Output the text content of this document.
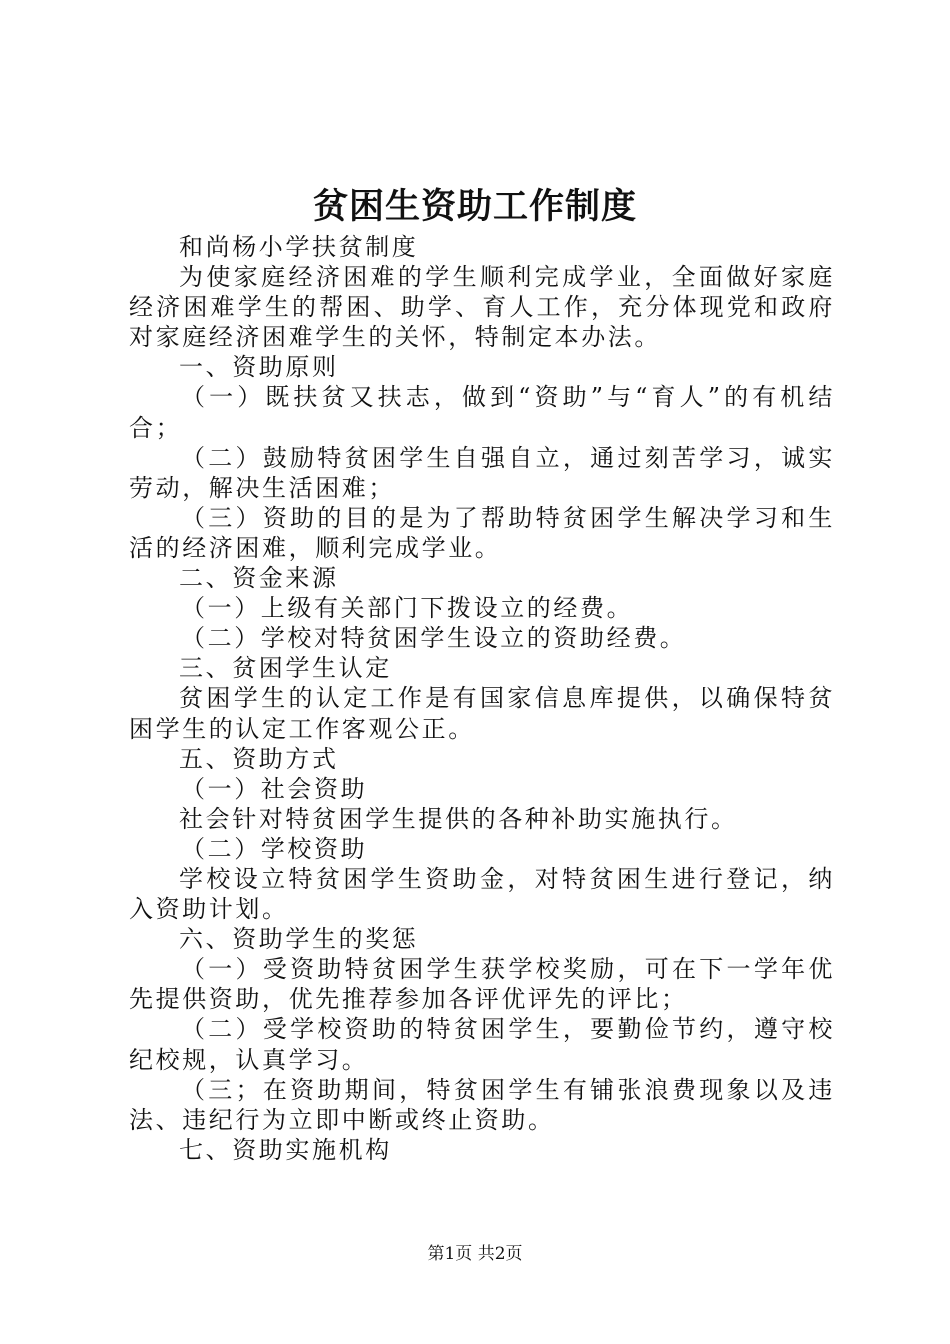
贫困生资助工作制度

和尚杨小学扶贫制度

为使家庭经济困难的学生顺利完成学业，全面做好家庭经济困难学生的帮困、助学、育人工作，充分体现党和政府对家庭经济困难学生的关怀，特制定本办法。

一、资助原则

（一）既扶贫又扶志，做到“资助”与“育人”的有机结合；

（二）鼓励特贫困学生自强自立，通过刻苦学习，诚实劳动，解决生活困难；

（三）资助的目的是为了帮助特贫困学生解决学习和生活的经济困难，顺利完成学业。

二、资金来源

（一）上级有关部门下拨设立的经费。

（二）学校对特贫困学生设立的资助经费。

三、贫困学生认定

贫困学生的认定工作是有国家信息库提供，以确保特贫困学生的认定工作客观公正。

五、资助方式

（一）社会资助

社会针对特贫困学生提供的各种补助实施执行。

（二）学校资助

学校设立特贫困学生资助金，对特贫困生进行登记，纳入资助计划。

六、资助学生的奖惩

（一）受资助特贫困学生获学校奖励，可在下一学年优先提供资助，优先推荐参加各评优评先的评比；

（二）受学校资助的特贫困学生，要勤俭节约，遵守校纪校规，认真学习。

（三；在资助期间，特贫困学生有铺张浪费现象以及违法、违纪行为立即中断或终止资助。

七、资助实施机构

第1页 共2页
